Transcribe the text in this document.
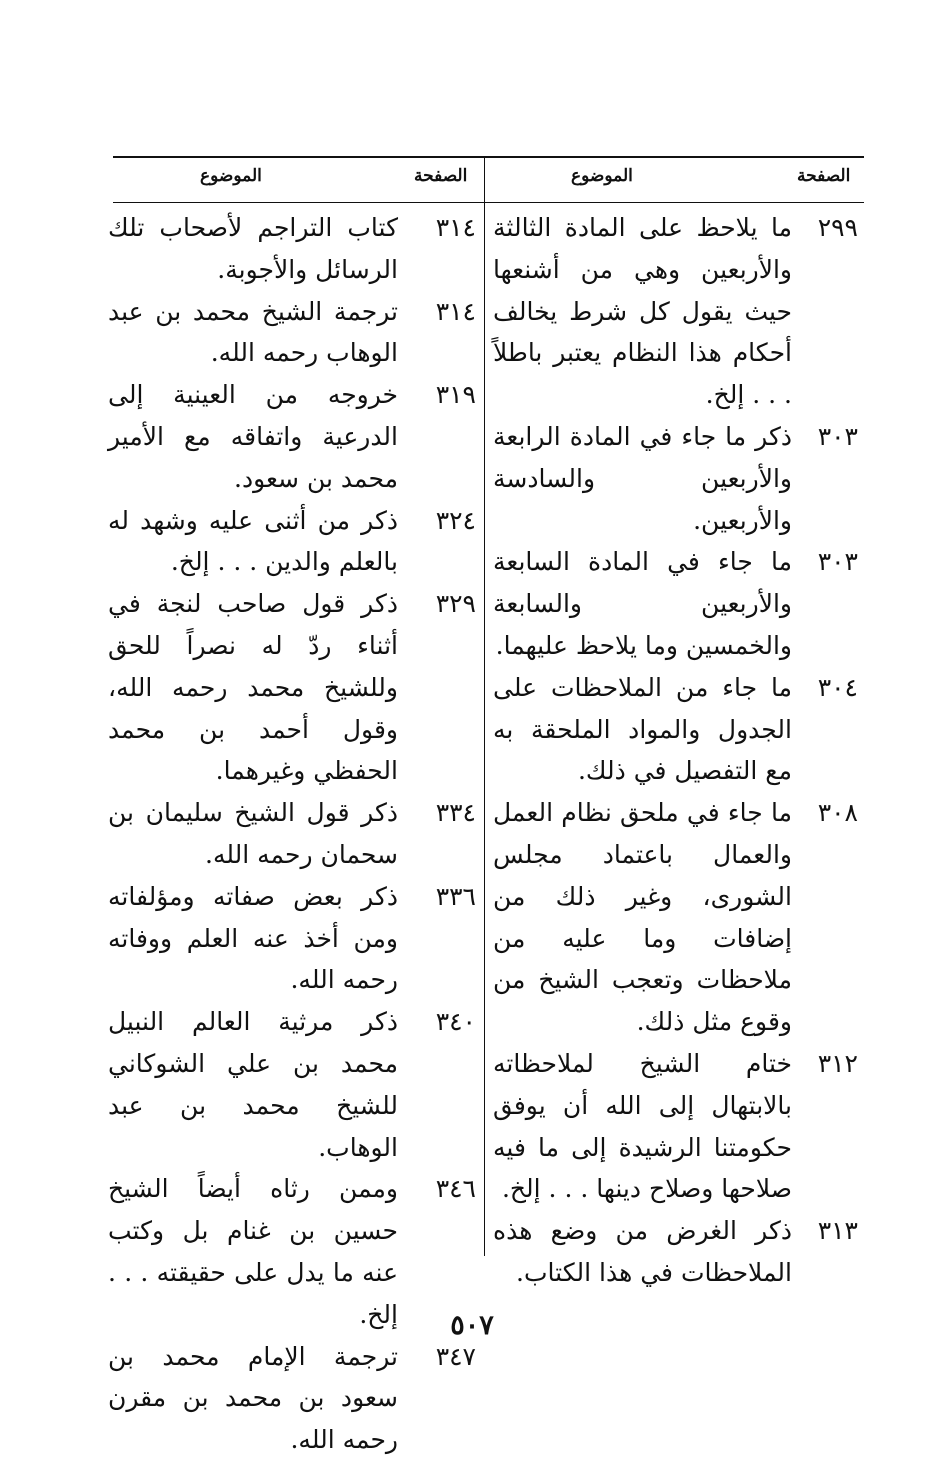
الصفحة
الموضوع
الصفحة
الموضوع
٢٩٩
ما يلاحظ على المادة الثالثة والأربعين وهي من أشنعها حيث يقول كل شرط يخالف أحكام هذا النظام يعتبر باطلاً . . . إلخ.
٣٠٣
ذكر ما جاء في المادة الرابعة والأربعين والسادسة والأربعين.
٣٠٣
ما جاء في المادة السابعة والأربعين والسابعة والخمسين وما يلاحظ عليهما.
٣٠٤
ما جاء من الملاحظات على الجدول والمواد الملحقة به مع التفصيل في ذلك.
٣٠٨
ما جاء في ملحق نظام العمل والعمال باعتماد مجلس الشورى، وغير ذلك من إضافات وما عليه من ملاحظات وتعجب الشيخ من وقوع مثل ذلك.
٣١٢
ختام الشيخ لملاحظاته بالابتهال إلى الله أن يوفق حكومتنا الرشيدة إلى ما فيه صلاحها وصلاح دينها . . . إلخ.
٣١٣
ذكر الغرض من وضع هذه الملاحظات في هذا الكتاب.
٣١٤
كتاب التراجم لأصحاب تلك الرسائل والأجوبة.
٣١٤
ترجمة الشيخ محمد بن عبد الوهاب رحمه الله.
٣١٩
خروجه من العينية إلى الدرعية واتفاقه مع الأمير محمد بن سعود.
٣٢٤
ذكر من أثنى عليه وشهد له بالعلم والدين . . . إلخ.
٣٢٩
ذكر قول صاحب لنجة في أثناء ردّ له نصراً للحق وللشيخ محمد رحمه الله، وقول أحمد بن محمد الحفظي وغيرهما.
٣٣٤
ذكر قول الشيخ سليمان بن سحمان رحمه الله.
٣٣٦
ذكر بعض صفاته ومؤلفاته ومن أخذ عنه العلم ووفاته رحمه الله.
٣٤٠
ذكر مرثية العالم النبيل محمد بن علي الشوكاني للشيخ محمد بن عبد الوهاب.
٣٤٦
وممن رثاه أيضاً الشيخ حسين بن غنام بل وكتب عنه ما يدل على حقيقته . . . إلخ.
٣٤٧
ترجمة الإمام محمد بن سعود بن محمد بن مقرن رحمه الله.
٥٠٧
